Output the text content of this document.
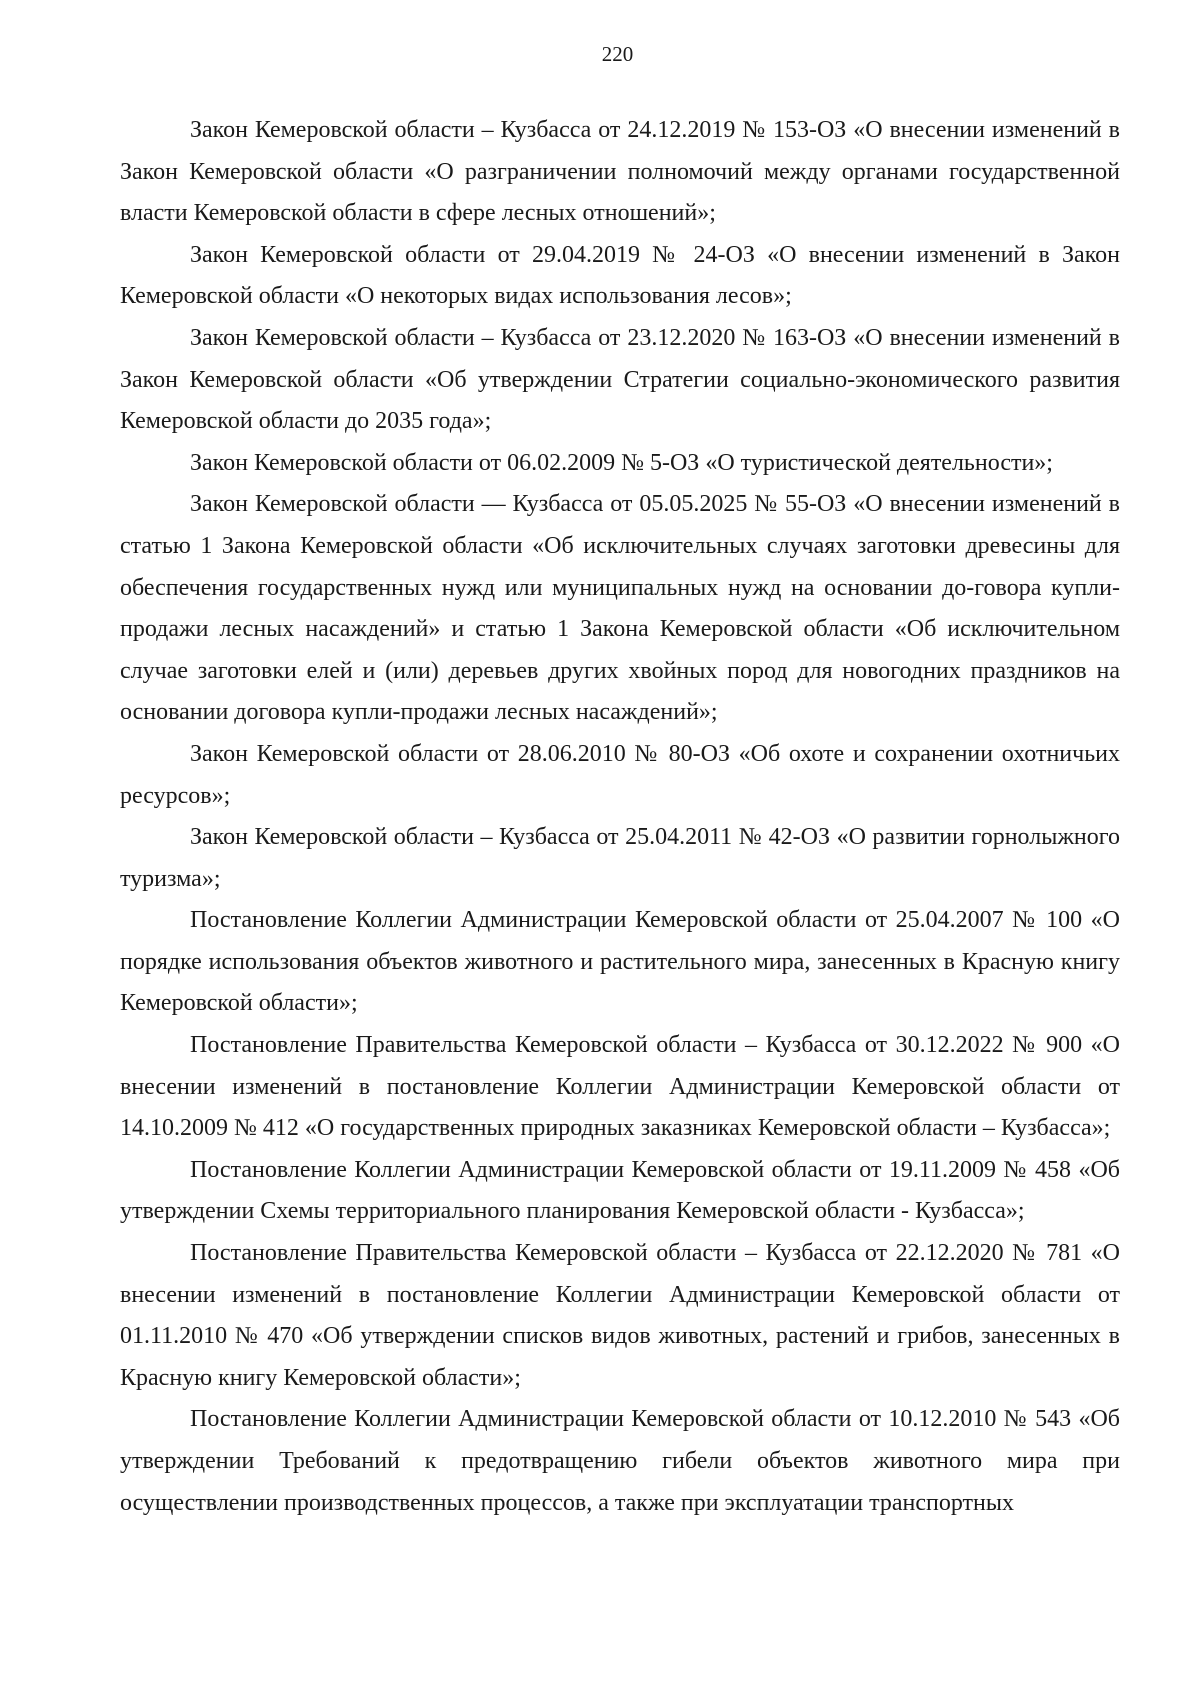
220

Закон Кемеровской области – Кузбасса от 24.12.2019 № 153-ОЗ «О внесении изменений в Закон Кемеровской области «О разграничении полномочий между органами государственной власти Кемеровской области в сфере лесных отношений»;

Закон Кемеровской области от 29.04.2019 № 24-ОЗ «О внесении изменений в Закон Кемеровской области «О некоторых видах использования лесов»;

Закон Кемеровской области – Кузбасса от 23.12.2020 № 163-ОЗ «О внесении изменений в Закон Кемеровской области «Об утверждении Стратегии социально-экономического развития Кемеровской области до 2035 года»;

Закон Кемеровской области от 06.02.2009 № 5-ОЗ «О туристической деятельности»;

Закон Кемеровской области — Кузбасса от 05.05.2025 № 55-ОЗ «О внесении изменений в статью 1 Закона Кемеровской области «Об исключительных случаях заготовки древесины для обеспечения государственных нужд или муниципальных нужд на основании до-говора купли-продажи лесных насаждений» и статью 1 Закона Кемеровской области «Об исключительном случае заготовки елей и (или) деревьев других хвойных пород для новогодних праздников на основании договора купли-продажи лесных насаждений»;

Закон Кемеровской области от 28.06.2010 № 80-ОЗ «Об охоте и сохранении охотничьих ресурсов»;

Закон Кемеровской области – Кузбасса от 25.04.2011 № 42-ОЗ «О развитии горнолыжного туризма»;

Постановление Коллегии Администрации Кемеровской области от 25.04.2007 № 100 «О порядке использования объектов животного и растительного мира, занесенных в Красную книгу Кемеровской области»;

Постановление Правительства Кемеровской области – Кузбасса от 30.12.2022 № 900 «О внесении изменений в постановление Коллегии Администрации Кемеровской области от 14.10.2009 № 412 «О государственных природных заказниках Кемеровской области – Кузбасса»;

Постановление Коллегии Администрации Кемеровской области от 19.11.2009 № 458 «Об утверждении Схемы территориального планирования Кемеровской области - Кузбасса»;

Постановление Правительства Кемеровской области – Кузбасса от 22.12.2020 № 781 «О внесении изменений в постановление Коллегии Администрации Кемеровской области от 01.11.2010 № 470 «Об утверждении списков видов животных, растений и грибов, занесенных в Красную книгу Кемеровской области»;

Постановление Коллегии Администрации Кемеровской области от 10.12.2010 № 543 «Об утверждении Требований к предотвращению гибели объектов животного мира при осуществлении производственных процессов, а также при эксплуатации транспортных
